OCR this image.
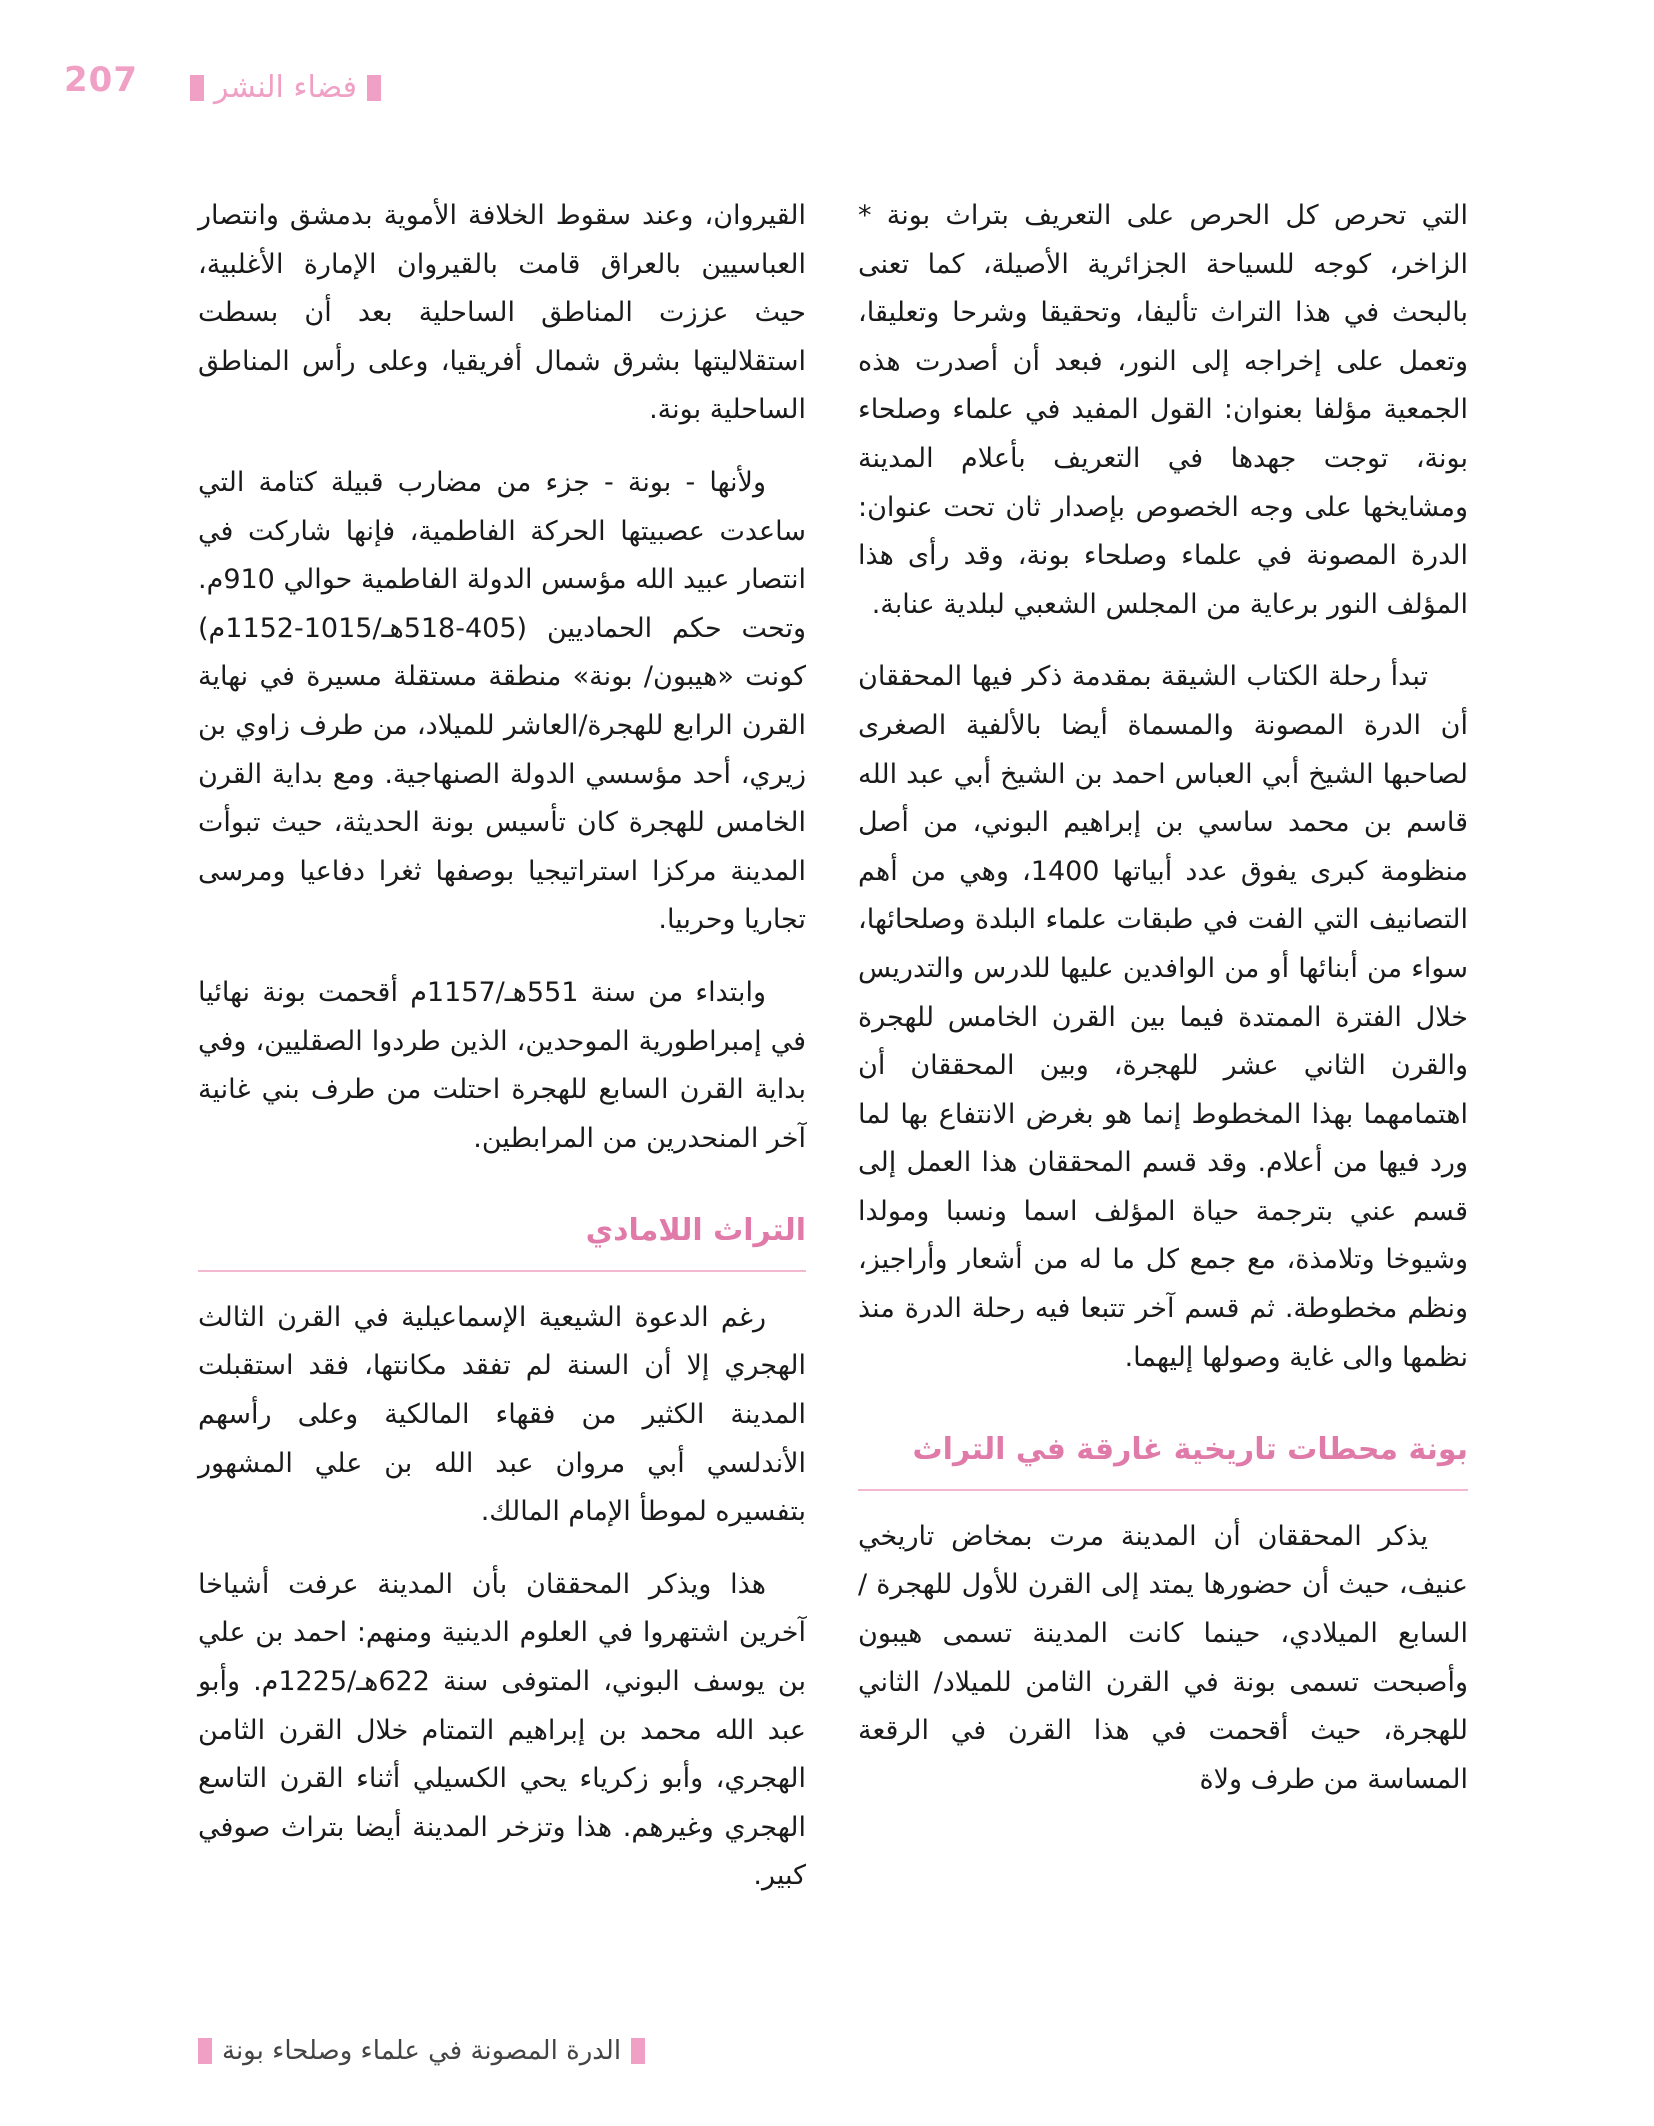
207	فضاء النشر

التي تحرص كل الحرص على التعريف بتراث بونة * الزاخر، كوجه للسياحة الجزائرية الأصيلة، كما تعنى بالبحث في هذا التراث تأليفا، وتحقيقا وشرحا وتعليقا، وتعمل على إخراجه إلى النور، فبعد أن أصدرت هذه الجمعية مؤلفا بعنوان: القول المفيد في علماء وصلحاء بونة، توجت جهدها في التعريف بأعلام المدينة ومشايخها على وجه الخصوص بإصدار ثان تحت عنوان: الدرة المصونة في علماء وصلحاء بونة، وقد رأى هذا المؤلف النور برعاية من المجلس الشعبي لبلدية عنابة.

تبدأ رحلة الكتاب الشيقة بمقدمة ذكر فيها المحققان أن الدرة المصونة والمسماة أيضا بالألفية الصغرى لصاحبها الشيخ أبي العباس احمد بن الشيخ أبي عبد الله قاسم بن محمد ساسي بن إبراهيم البوني، من أصل منظومة كبرى يفوق عدد أبياتها 1400، وهي من أهم التصانيف التي الفت في طبقات علماء البلدة وصلحائها، سواء من أبنائها أو من الوافدين عليها للدرس والتدريس خلال الفترة الممتدة فيما بين القرن الخامس للهجرة والقرن الثاني عشر للهجرة، وبين المحققان أن اهتمامهما بهذا المخطوط إنما هو بغرض الانتفاع بها لما ورد فيها من أعلام. وقد قسم المحققان هذا العمل إلى قسم عني بترجمة حياة المؤلف اسما ونسبا ومولدا وشيوخا وتلامذة، مع جمع كل ما له من أشعار وأراجيز، ونظم مخطوطة. ثم قسم آخر تتبعا فيه رحلة الدرة منذ نظمها والى غاية وصولها إليهما.

بونة محطات تاريخية غارقة في التراث

يذكر المحققان أن المدينة مرت بمخاض تاريخي عنيف، حيث أن حضورها يمتد إلى القرن للأول للهجرة /السابع الميلادي، حينما كانت المدينة تسمى هيبون وأصبحت تسمى بونة في القرن الثامن للميلاد/ الثاني للهجرة، حيث أقحمت في هذا القرن في الرقعة المساسة من طرف ولاة

القيروان، وعند سقوط الخلافة الأموية بدمشق وانتصار العباسيين بالعراق قامت بالقيروان الإمارة الأغلبية، حيث عززت المناطق الساحلية بعد أن بسطت استقلاليتها بشرق شمال أفريقيا، وعلى رأس المناطق الساحلية بونة.

ولأنها - بونة - جزء من مضارب قبيلة كتامة التي ساعدت عصبيتها الحركة الفاطمية، فإنها شاركت في انتصار عبيد الله مؤسس الدولة الفاطمية حوالي 910م. وتحت حكم الحماديين (405-518هـ/1015-1152م) كونت «هيبون/ بونة» منطقة مستقلة مسيرة في نهاية القرن الرابع للهجرة/العاشر للميلاد، من طرف زاوي بن زيري، أحد مؤسسي الدولة الصنهاجية. ومع بداية القرن الخامس للهجرة كان تأسيس بونة الحديثة، حيث تبوأت المدينة مركزا استراتيجيا بوصفها ثغرا دفاعيا ومرسى تجاريا وحربيا.

وابتداء من سنة 551هـ/1157م أقحمت بونة نهائيا في إمبراطورية الموحدين، الذين طردوا الصقليين، وفي بداية القرن السابع للهجرة احتلت من طرف بني غانية آخر المنحدرين من المرابطين.

التراث اللامادي

رغم الدعوة الشيعية الإسماعيلية في القرن الثالث الهجري إلا أن السنة لم تفقد مكانتها، فقد استقبلت المدينة الكثير من فقهاء المالكية وعلى رأسهم الأندلسي أبي مروان عبد الله بن علي المشهور بتفسيره لموطأ الإمام المالك.

هذا ويذكر المحققان بأن المدينة عرفت أشياخا آخرين اشتهروا في العلوم الدينية ومنهم: احمد بن علي بن يوسف البوني، المتوفى سنة 622هـ/1225م. وأبو عبد الله محمد بن إبراهيم التمتام خلال القرن الثامن الهجري، وأبو زكرياء يحي الكسيلي أثناء القرن التاسع الهجري وغيرهم. هذا وتزخر المدينة أيضا بتراث صوفي كبير.

الدرة المصونة في علماء وصلحاء بونة
